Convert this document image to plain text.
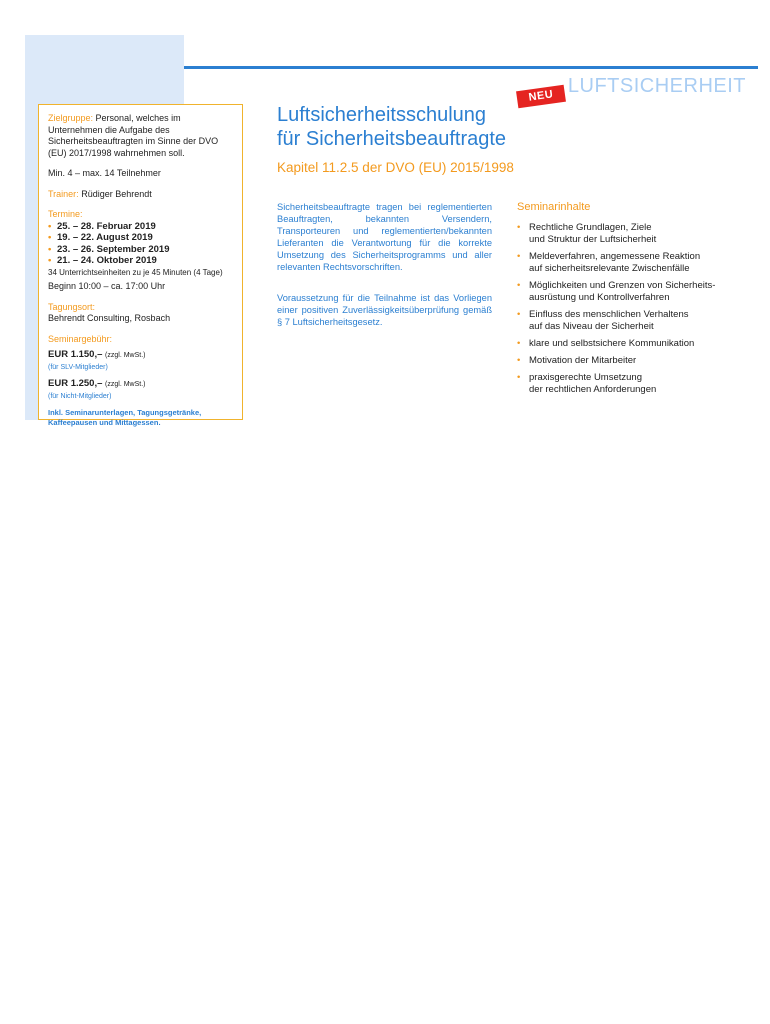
LUFTSICHERHEIT

Zielgruppe: Personal, welches im Unternehmen die Aufgabe des Sicherheitsbeauftragten im Sinne der DVO (EU) 2017/1998 wahrnehmen soll.

Min. 4 – max. 14 Teilnehmer
Trainer: Rüdiger Behrendt
Termine:
• 25. – 28. Februar 2019
• 19. – 22. August 2019
• 23. – 26. September 2019
• 21. – 24. Oktober 2019
34 Unterrichtseinheiten zu je 45 Minuten (4 Tage)
Beginn 10:00 – ca. 17:00 Uhr
Tagungsort:
Behrendt Consulting, Rosbach
Seminargebühr:
EUR 1.150,– (zzgl. MwSt.)
(für SLV-Mitglieder)
EUR 1.250,– (zzgl. MwSt.)
(für Nicht-Mitglieder)
Inkl. Seminarunterlagen, Tagungsgetränke, Kaffeepausen und Mittagessen.
NEU
Luftsicherheitsschulung
für Sicherheitsbeauftragte
Kapitel 11.2.5 der DVO (EU) 2015/1998
Sicherheitsbeauftragte tragen bei reglementierten Beauftragten, bekannten Versendern, Transporteuren und reglementierten/bekannten Lieferanten die Verantwortung für die korrekte Umsetzung des Sicherheitsprogramms und aller relevanten Rechtsvorschriften.
Voraussetzung für die Teilnahme ist das Vorliegen einer positiven Zuverlässigkeitsüberprüfung gemäß § 7 Luftsicherheitsgesetz.
Seminarinhalte
• Rechtliche Grundlagen, Ziele
und Struktur der Luftsicherheit
• Meldeverfahren, angemessene Reaktion
auf sicherheitsrelevante Zwischenfälle
• Möglichkeiten und Grenzen von Sicherheits-
ausrüstung und Kontrollverfahren
• Einfluss des menschlichen Verhaltens
auf das Niveau der Sicherheit
• klare und selbstsichere Kommunikation
• Motivation der Mitarbeiter
• praxisgerechte Umsetzung
der rechtlichen Anforderungen
